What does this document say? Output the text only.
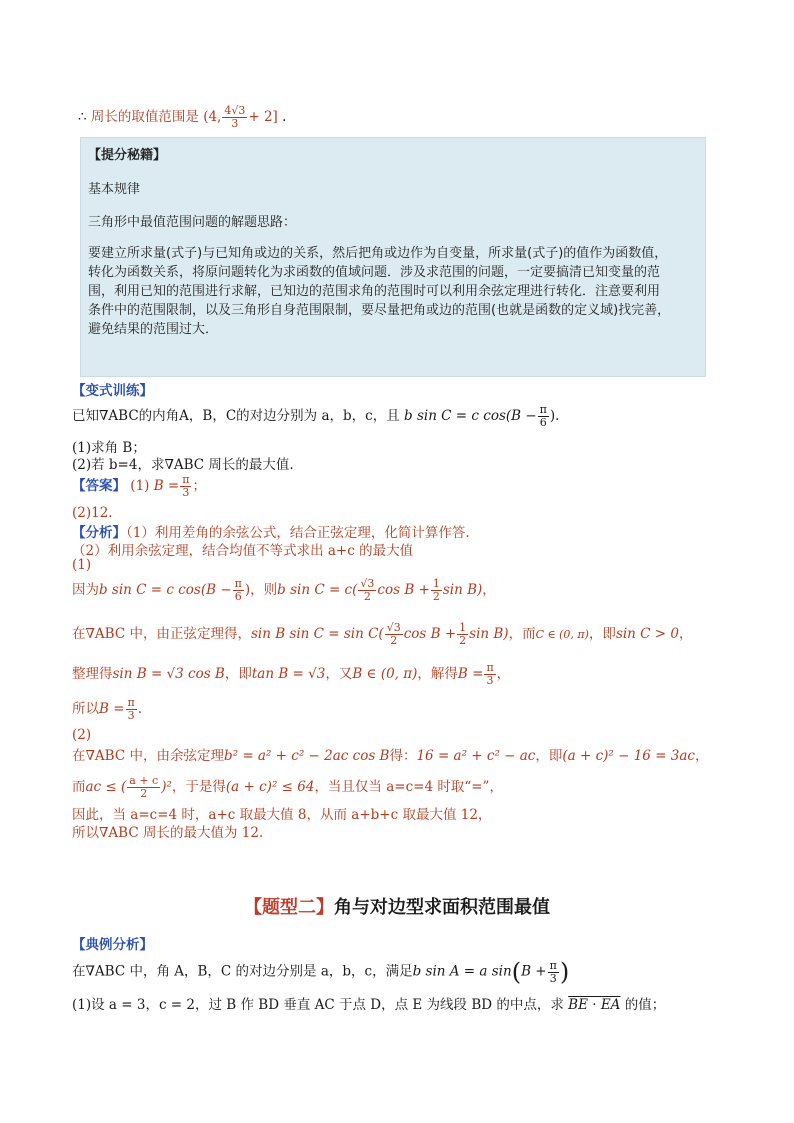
∴ 周长的取值范围是 (4, $\frac{4√3}{3} + 2$] .
【提分秘籍】
基本规律
三角形中最值范围问题的解题思路：
要建立所求量(式子)与已知角或边的关系，然后把角或边作为自变量，所求量(式子)的值作为函数值，
转化为函数关系，将原问题转化为求函数的值域问题．涉及求范围的问题，一定要搞清已知变量的范
围，利用已知的范围进行求解，已知边的范围求角的范围时可以利用余弦定理进行转化．注意要利用
条件中的范围限制，以及三角形自身范围限制，要尽量把角或边的范围(也就是函数的定义域)找完善，
避免结果的范围过大．
【变式训练】
已知∇ABC的内角A，B，C的对边分别为 a，b，c，且 b sin C = c $\cos(B - \frac{\pi}{6}$ ).
(1)求角 B；
(2)若 b=4，求∇ABC 周长的最大值.
【答案】 (1) $B = \frac{\pi}{3}$ ；
(2)12.
【分析】（1）利用差角的余弦公式，结合正弦定理，化简计算作答.
（2）利用余弦定理，结合均值不等式求出 a+c 的最大值
(1)
因为b sin C = c $\cos(B - \frac{\pi}{6}$ )，则b $\sin C = c( \frac{√3}{2}$ $\cos B + \frac{1}{2}$ sin B)，
在∇ABC 中，由正弦定理得，sin B $\sin C = \sin C( \frac{√3}{2}$ $\cos B + \frac{1}{2}$ sin B)，而C ∈ (0, π)，即sin C > 0，
整理得sin B = √3 cos B，即tan B = √3，又B ∈ (0, π)，解得$B = \frac{\pi}{3}$ ，
所以$B = \frac{\pi}{3}$ .
(2)
在∇ABC 中，由余弦定理b² = a² + c² − 2ac cos B得：16 = a² + c² − ac，即(a + c)² − 16 = 3ac，
而ac ≤ ( $\frac{a + c}{2} )^2$，于是得(a + c)² ≤ 64，当且仅当 a=c=4 时取“=”，
因此，当 a=c=4 时，a+c 取最大值 8，从而 a+b+c 取最大值 12，
所以∇ABC 周长的最大值为 12.
【题型二】角与对边型求面积范围最值
【典例分析】
在∇ABC 中，角 A，B，C 的对边分别是 a，b，c，满足b sin A = a $\sin(B + \frac{\pi}{3}$ )
(1)设 a = 3，c = 2，过 B 作 BD 垂直 AC 于点 D，点 E 为线段 BD 的中点，求 BE · EA 的值；
